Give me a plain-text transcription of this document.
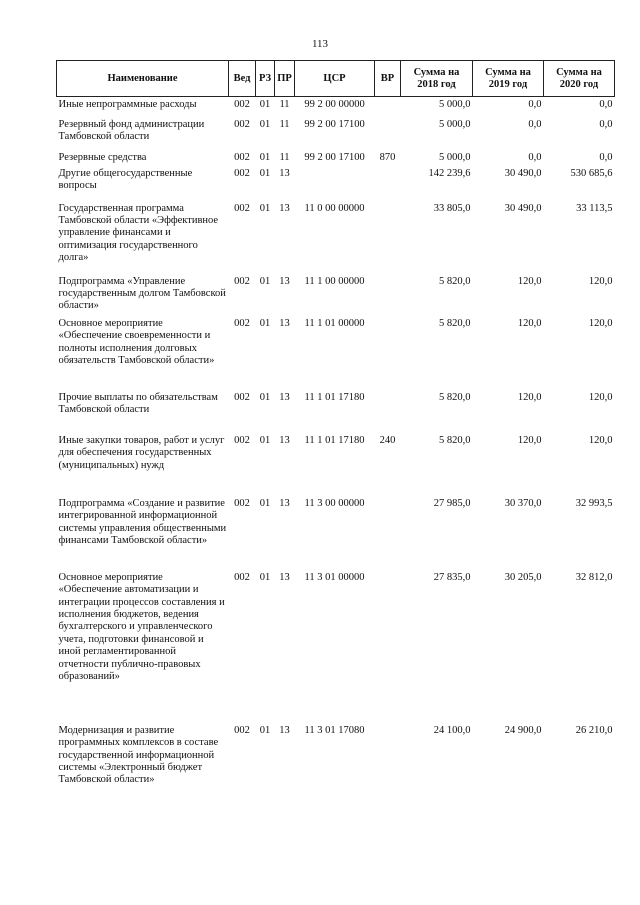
113
Наименование	Вед	РЗ	ПР	ЦСР	ВР	Сумма на 2018 год	Сумма на 2019 год	Сумма на 2020 год
Иные непрограммные расходы	002	01	11	99 2 00 00000		5 000,0	0,0	0,0
Резервный фонд администрации Тамбовской области	002	01	11	99 2 00 17100		5 000,0	0,0	0,0
Резервные средства	002	01	11	99 2 00 17100	870	5 000,0	0,0	0,0
Другие общегосударственные вопросы	002	01	13			142 239,6	30 490,0	530 685,6
Государственная программа Тамбовской области «Эффективное управление финансами и оптимизация государственного долга»	002	01	13	11 0 00 00000		33 805,0	30 490,0	33 113,5
Подпрограмма «Управление государственным долгом Тамбовской области»	002	01	13	11 1 00 00000		5 820,0	120,0	120,0
Основное мероприятие «Обеспечение своевременности и полноты исполнения долговых обязательств Тамбовской области»	002	01	13	11 1 01 00000		5 820,0	120,0	120,0
Прочие выплаты по обязательствам Тамбовской области	002	01	13	11 1 01 17180		5 820,0	120,0	120,0
Иные закупки товаров, работ и услуг для обеспечения государственных (муниципальных) нужд	002	01	13	11 1 01 17180	240	5 820,0	120,0	120,0
Подпрограмма «Создание и развитие интегрированной информационной системы управления общественными финансами Тамбовской области»	002	01	13	11 3 00 00000		27 985,0	30 370,0	32 993,5
Основное мероприятие «Обеспечение автоматизации и интеграции процессов составления и исполнения бюджетов, ведения бухгалтерского и управленческого учета, подготовки финансовой и иной регламентированной отчетности публично-правовых образований»	002	01	13	11 3 01 00000		27 835,0	30 205,0	32 812,0
Модернизация и развитие программных комплексов в составе государственной информационной системы «Электронный бюджет Тамбовской области»	002	01	13	11 3 01 17080		24 100,0	24 900,0	26 210,0
